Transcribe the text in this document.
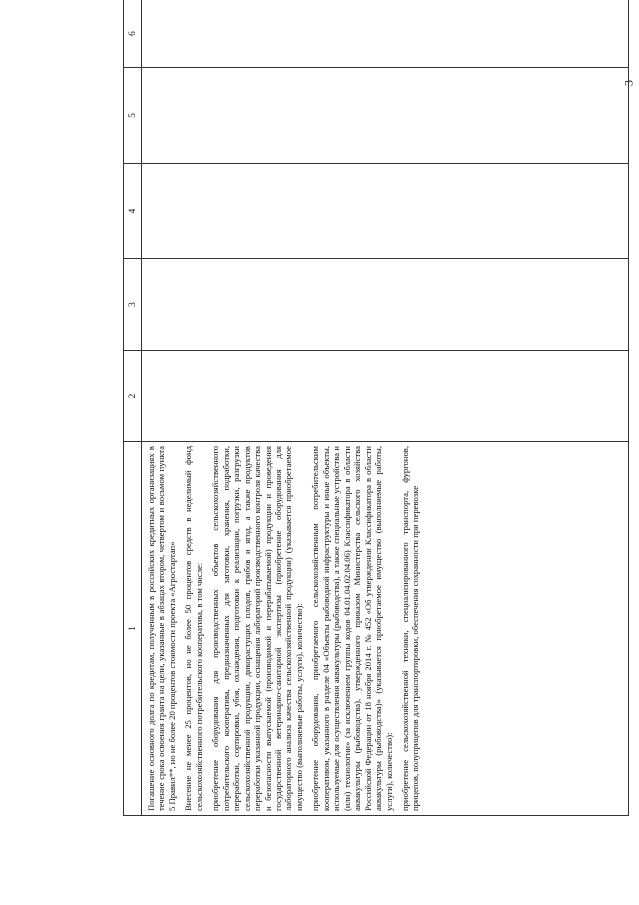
3
1	2	3	4	5	6

Погашение основного долга по кредитам, полученным в российских кредитных организациях в течение срока освоения гранта на цели, указанные в абзацах втором, четвертом и восьмом пункта 5 Правил**, но не более 20 процентов стоимости проекта «Агростартап» Внесение не менее 25 процентов, но не более 50 процентов средств в неделимый фонд сельскохозяйственного потребительского кооператива, в том числе: приобретение оборудования для производственных объектов сельскохозяйственного потребительского кооператива, предназначенных для заготовки, хранения, подработки, переработки, сортировки, убоя, охлаждения, подготовки к реализации, погрузки, разгрузки сельскохозяйственной продукции, дикорастущих плодов, грибов и ягод, а также продуктов переработки указанной продукции, оснащения лабораторий производственного контроля качества и безопасности выпускаемой (производимой и перерабатываемой) продукции и проведения государственной ветеринарно-санитарной экспертизы (приобретение оборудования для лабораторного анализа качества сельскохозяйственной продукции) (указывается приобретаемое имущество (выполняемые работы, услуги), количество): приобретение оборудования, приобретаемого сельскохозяйственным потребительским кооперативом, указанного в разделе 04 «Объекты рыбоводной инфраструктуры и иные объекты, используемые для осуществления аквакультуры (рыбоводства), а также специальные устройства и (или) технологии» (за исключением группы кодов 04.01.04.02.04.06) Классификатора в области аквакультуры (рыбоводства), утвержденного приказом Министерства сельского хозяйства Российской Федерации от 18 ноября 2014 г. № 452 «Об утверждении Классификатора в области аквакультуры (рыбоводства)» (указывается приобретаемое имущество (выполняемые работы, услуги), количество): приобретение сельскохозяйственной техники, специализированного транспорта, фургонов, прицепов, полуприцепов для транспортировки, обеспечения сохранности при перевозке					
